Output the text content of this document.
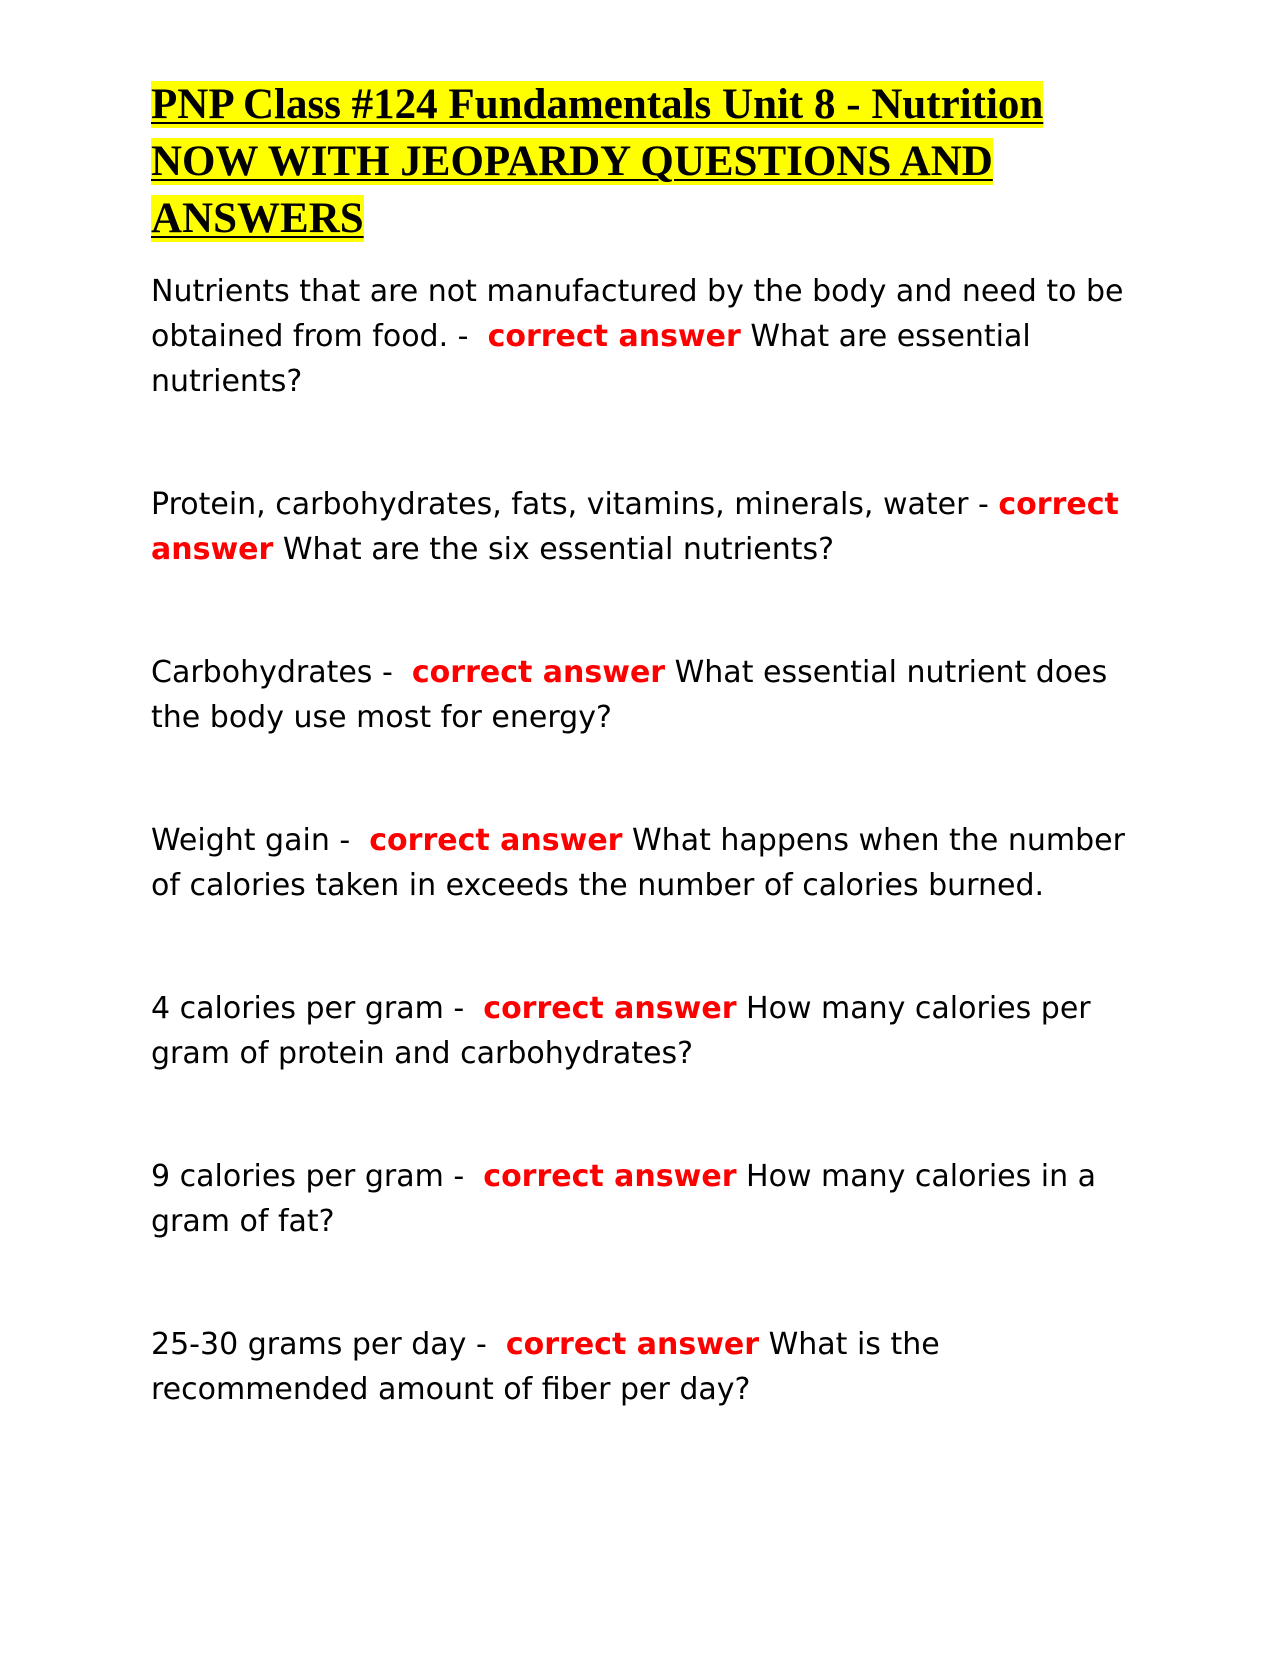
PNP Class #124 Fundamentals Unit 8 - Nutrition NOW WITH JEOPARDY QUESTIONS AND ANSWERS

Nutrients that are not manufactured by the body and need to be obtained from food. -  correct answer What are essential nutrients?

Protein, carbohydrates, fats, vitamins, minerals, water - correct answer What are the six essential nutrients?

Carbohydrates -  correct answer What essential nutrient does the body use most for energy?

Weight gain -  correct answer What happens when the number of calories taken in exceeds the number of calories burned.

4 calories per gram -  correct answer How many calories per gram of protein and carbohydrates?

9 calories per gram -  correct answer How many calories in a gram of fat?

25-30 grams per day -  correct answer What is the recommended amount of fiber per day?
